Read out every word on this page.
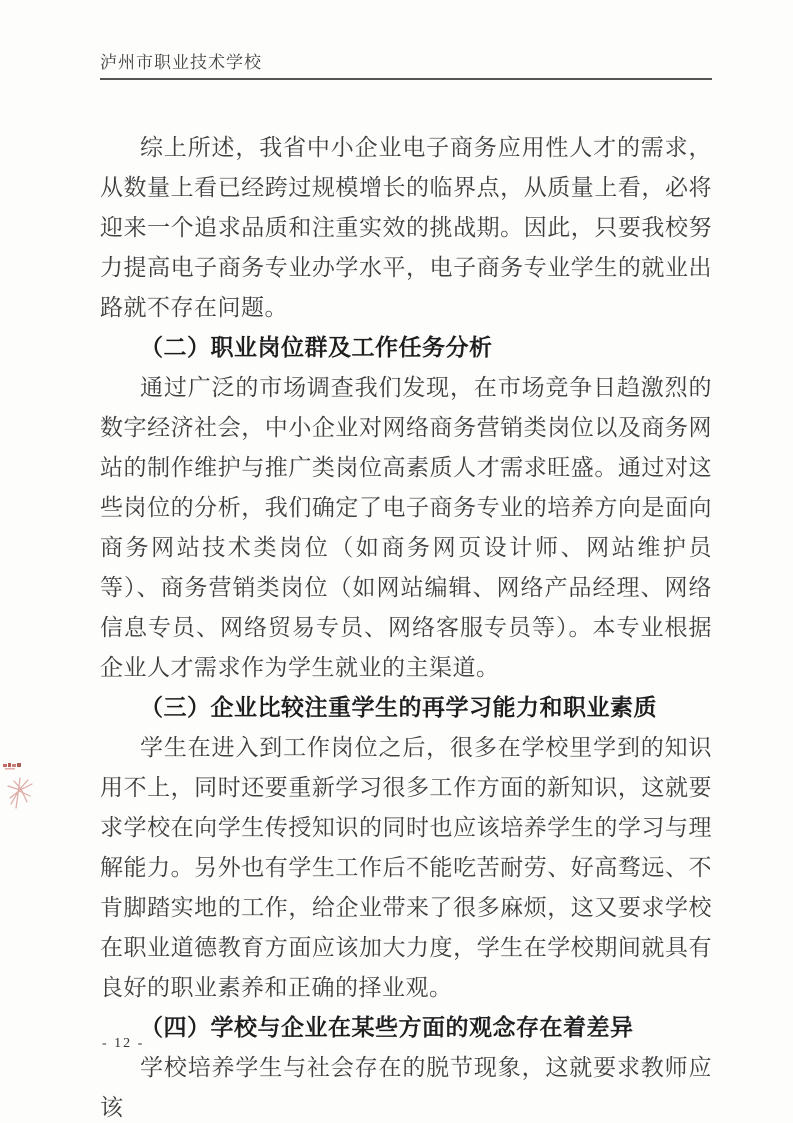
泸州市职业技术学校

综上所述，我省中小企业电子商务应用性人才的需求，从数量上看已经跨过规模增长的临界点，从质量上看，必将迎来一个追求品质和注重实效的挑战期。因此，只要我校努力提高电子商务专业办学水平，电子商务专业学生的就业出路就不存在问题。

（二）职业岗位群及工作任务分析

通过广泛的市场调查我们发现，在市场竞争日趋激烈的数字经济社会，中小企业对网络商务营销类岗位以及商务网站的制作维护与推广类岗位高素质人才需求旺盛。通过对这些岗位的分析，我们确定了电子商务专业的培养方向是面向商务网站技术类岗位（如商务网页设计师、网站维护员等）、商务营销类岗位（如网站编辑、网络产品经理、网络信息专员、网络贸易专员、网络客服专员等）。本专业根据企业人才需求作为学生就业的主渠道。

（三）企业比较注重学生的再学习能力和职业素质

学生在进入到工作岗位之后，很多在学校里学到的知识用不上，同时还要重新学习很多工作方面的新知识，这就要求学校在向学生传授知识的同时也应该培养学生的学习与理解能力。另外也有学生工作后不能吃苦耐劳、好高骛远、不肯脚踏实地的工作，给企业带来了很多麻烦，这又要求学校在职业道德教育方面应该加大力度，学生在学校期间就具有良好的职业素养和正确的择业观。

（四）学校与企业在某些方面的观念存在着差异

学校培养学生与社会存在的脱节现象，这就要求教师应该

- 12 -
